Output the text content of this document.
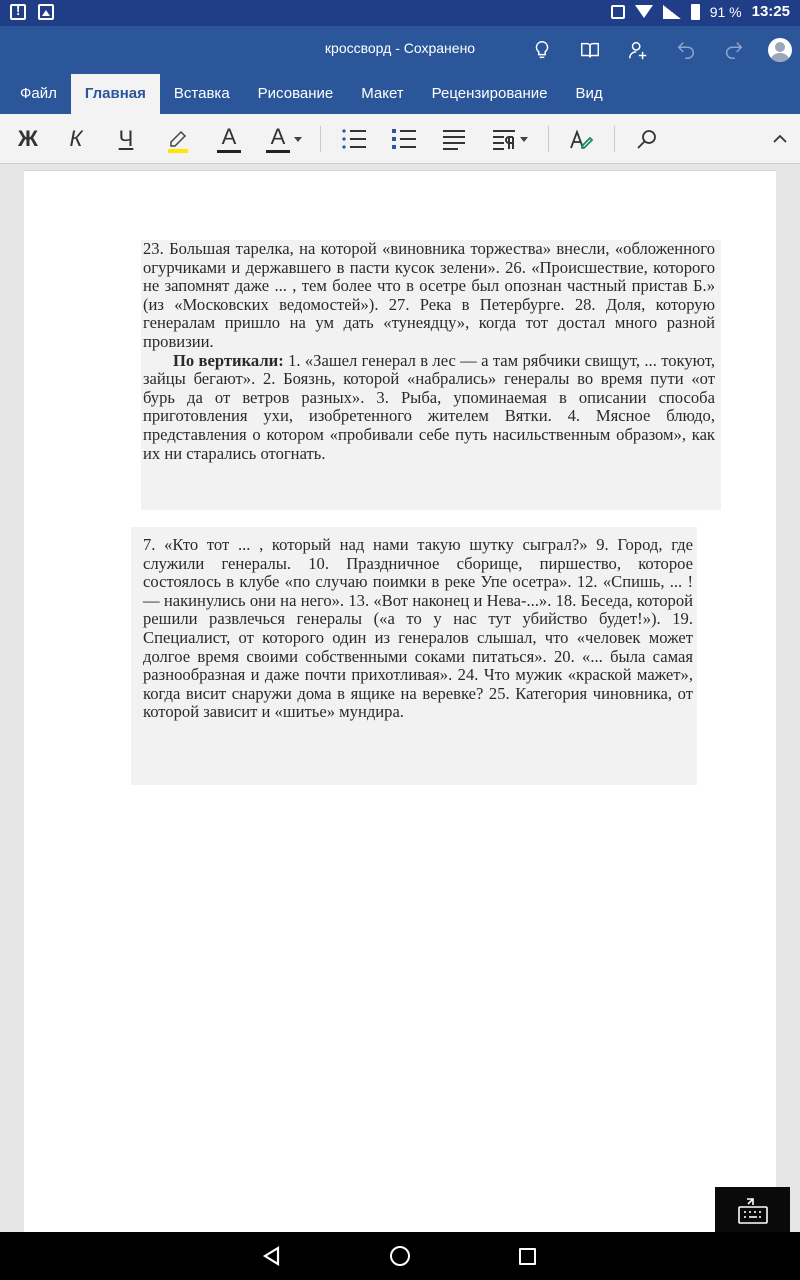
!
91 % 13:25
кроссворд - Сохранено
Файл	Главная	Вставка	Рисование	Макет	Рецензирование	Вид
Ж	К	Ч	А А

23. Большая тарелка, на которой «виновника торжества» внесли, «обложенного огурчиками и державшего в пасти кусок зелени». 26. «Происшествие, которого не запомнят даже ... , тем более что в осетре был опознан частный пристав Б.» (из «Московских ведомостей»). 27. Река в Петербурге. 28. Доля, которую генералам пришло на ум дать «тунеядцу», когда тот достал много разной провизии.

По вертикали: 1. «Зашел генерал в лес — а там рябчики свищут, ... токуют, зайцы бегают». 2. Боязнь, которой «набрались» генералы во время пути «от бурь да от ветров разных». 3. Рыба, упоминаемая в описании способа приготовления ухи, изобретенного жителем Вятки. 4. Мясное блюдо, представления о котором «пробивали себе путь насильственным образом», как их ни старались отогнать.

7. «Кто тот ... , который над нами такую шутку сыграл?» 9. Город, где служили генералы. 10. Праздничное сборище, пиршество, которое состоялось в клубе «по случаю поимки в реке Упе осетра». 12. «Спишь, ... ! — накинулись они на него». 13. «Вот наконец и Нева-...». 18. Беседа, которой решили развлечься генералы («а то у нас тут убийство будет!»). 19. Специалист, от которого один из генералов слышал, что «человек может долгое время своими собственными соками питаться». 20. «... была самая разнообразная и даже почти прихотливая». 24. Что мужик «краской мажет», когда висит снаружи дома в ящике на веревке? 25. Категория чиновника, от которой зависит и «шитье» мундира.
